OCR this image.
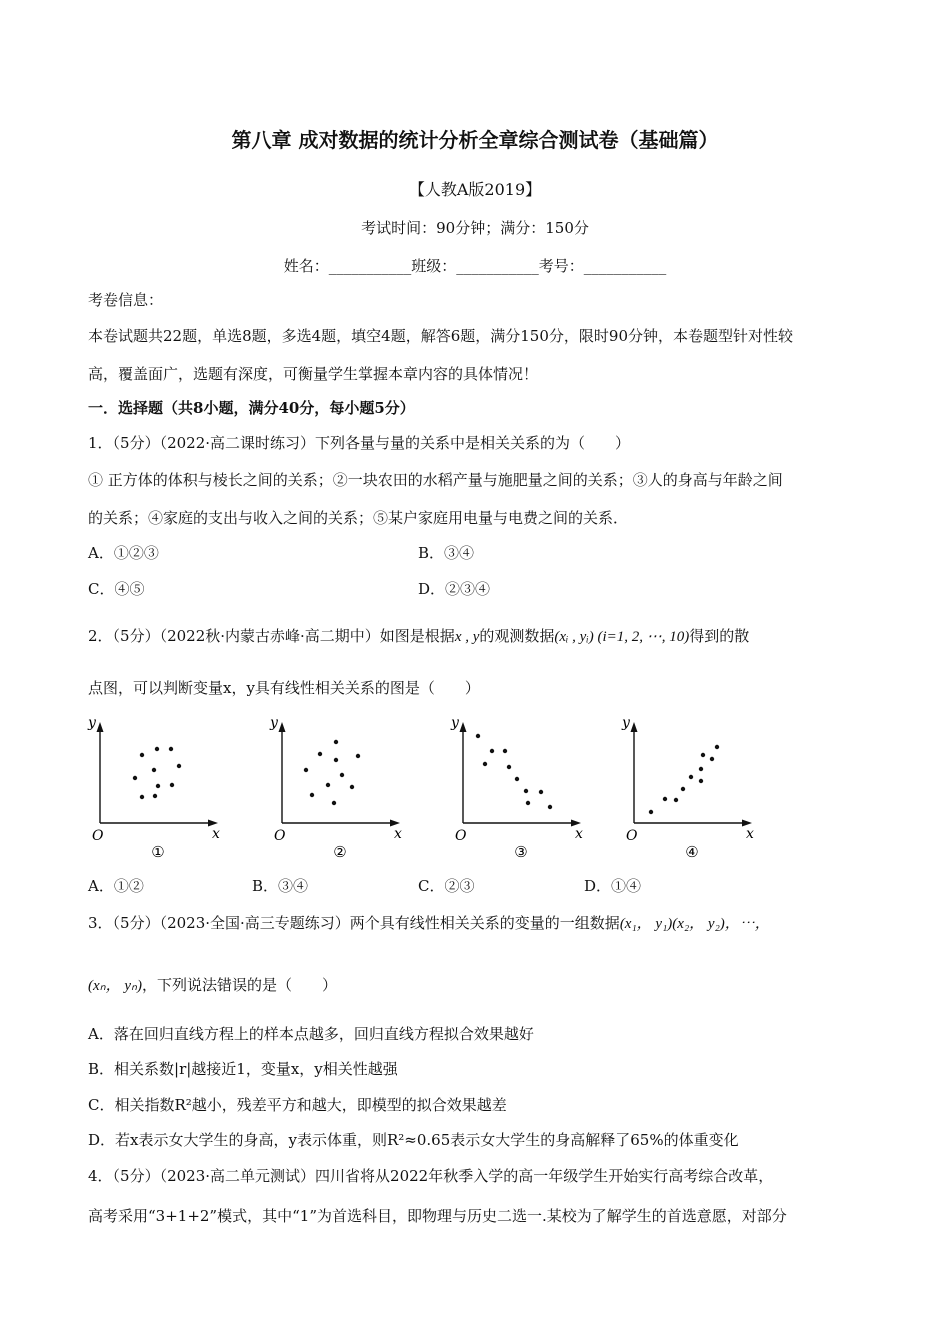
第八章 成对数据的统计分析全章综合测试卷（基础篇）
【人教A版2019】
考试时间：90分钟；满分：150分
姓名：___________班级：___________考号：___________
考卷信息：
本卷试题共22题，单选8题，多选4题，填空4题，解答6题，满分150分，限时90分钟，本卷题型针对性较
高，覆盖面广，选题有深度，可衡量学生掌握本章内容的具体情况！
一．选择题（共8小题，满分40分，每小题5分）
1．（5分）（2022·高二课时练习）下列各量与量的关系中是相关关系的为（　　）
① 正方体的体积与棱长之间的关系；②一块农田的水稻产量与施肥量之间的关系；③人的身高与年龄之间
的关系；④家庭的支出与收入之间的关系；⑤某户家庭用电量与电费之间的关系．
A．①②③	B．③④
C．④⑤	D．②③④
2．（5分）（2022秋·内蒙古赤峰·高二期中）如图是根据x , y的观测数据(xᵢ , yᵢ) (i=1, 2, ⋯, 10)得到的散
点图，可以判断变量x，y具有线性相关关系的图是（　　）
y
x
O
①
y
x
O
②
y
x
O
③
y
x
O
④
A．①②	B．③④	C．②③	D．①④
3．（5分）（2023·全国·高三专题练习）两个具有线性相关关系的变量的一组数据(x₁， y₁)(x₂， y₂)，⋯，
(xₙ， yₙ)，下列说法错误的是（　　）
A．落在回归直线方程上的样本点越多，回归直线方程拟合效果越好
B．相关系数|r|越接近1，变量x，y相关性越强
C．相关指数R²越小，残差平方和越大，即模型的拟合效果越差
D．若x表示女大学生的身高，y表示体重，则R²≈0.65表示女大学生的身高解释了65%的体重变化
4．（5分）（2023·高二单元测试）四川省将从2022年秋季入学的高一年级学生开始实行高考综合改革，
高考采用“3+1+2”模式，其中“1”为首选科目，即物理与历史二选一.某校为了解学生的首选意愿，对部分
